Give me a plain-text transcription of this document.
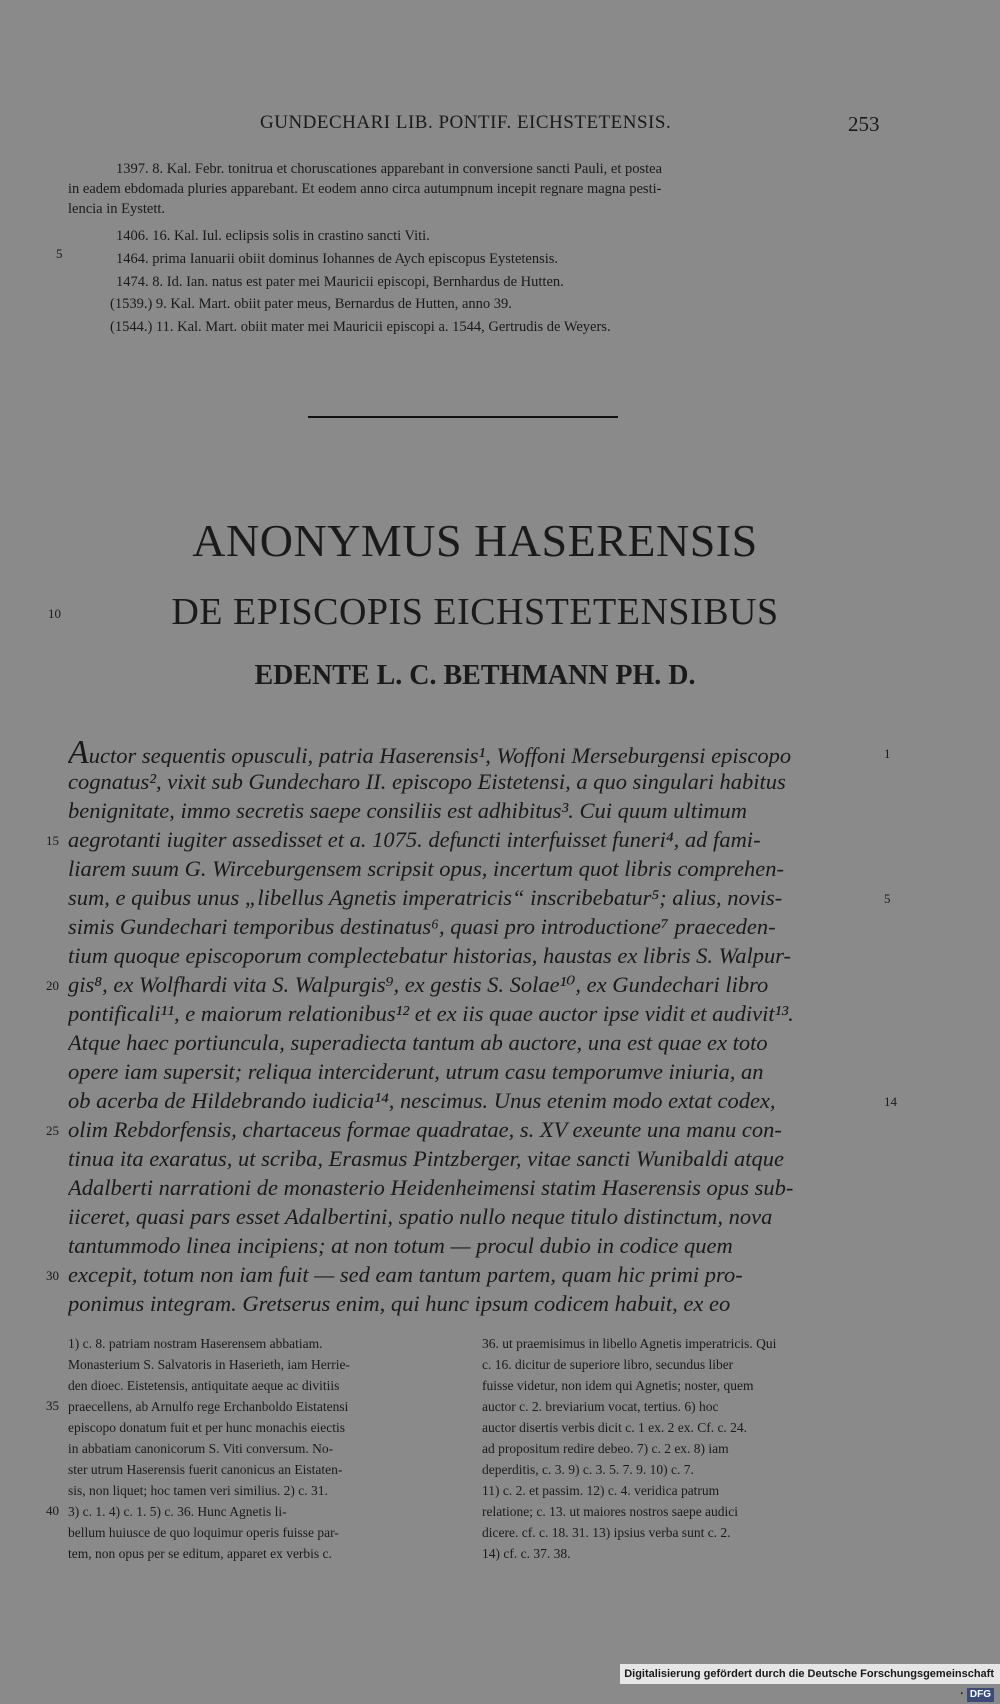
GUNDECHARI LIB. PONTIF. EICHSTETENSIS.	253
1397. 8. Kal. Febr. tonitrua et choruscationes apparebant in conversione sancti Pauli, et postea
in eadem ebdomada pluries apparebant. Et eodem anno circa autumpnum incepit regnare magna pesti-
lencia in Eystett.
1406. 16. Kal. Iul. eclipsis solis in crastino sancti Viti.
1464. prima Ianuarii obiit dominus Iohannes de Aych episcopus Eystetensis.
1474. 8. Id. Ian. natus est pater mei Mauricii episcopi, Bernhardus de Hutten.
(1539.) 9. Kal. Mart. obiit pater meus, Bernardus de Hutten, anno 39.
(1544.) 11. Kal. Mart. obiit mater mei Mauricii episcopi a. 1544, Gertrudis de Weyers.
5
ANONYMUS HASERENSIS
10	DE EPISCOPIS EICHSTETENSIBUS
EDENTE L. C. BETHMANN PH. D.
Auctor sequentis opusculi, patria Haserensis¹, Woffoni Merseburgensi episcopo
cognatus², vixit sub Gundecharo II. episcopo Eistetensi, a quo singulari habitus
benignitate, immo secretis saepe consiliis est adhibitus³. Cui quum ultimum
aegrotanti iugiter assedisset et a. 1075. defuncti interfuisset funeri⁴, ad fami-
liarem suum G. Wirceburgensem scripsit opus, incertum quot libris comprehen-
sum, e quibus unus „libellus Agnetis imperatricis“ inscribebatur⁵; alius, novis-
simis Gundechari temporibus destinatus⁶, quasi pro introductione⁷ praeceden-
tium quoque episcoporum complectebatur historias, haustas ex libris S. Walpur-
gis⁸, ex Wolfhardi vita S. Walpurgis⁹, ex gestis S. Solae¹⁰, ex Gundechari libro
pontificali¹¹, e maiorum relationibus¹² et ex iis quae auctor ipse vidit et audivit¹³.
Atque haec portiuncula, superadiecta tantum ab auctore, una est quae ex toto
opere iam supersit; reliqua interciderunt, utrum casu temporumve iniuria, an
ob acerba de Hildebrando iudicia¹⁴, nescimus. Unus etenim modo extat codex,
olim Rebdorfensis, chartaceus formae quadratae, s. XV exeunte una manu con-
tinua ita exaratus, ut scriba, Erasmus Pintzberger, vitae sancti Wunibaldi atque
Adalberti narrationi de monasterio Heidenheimensi statim Haserensis opus sub-
iiceret, quasi pars esset Adalbertini, spatio nullo neque titulo distinctum, nova
tantummodo linea incipiens; at non totum — procul dubio in codice quem
excepit, totum non iam fuit — sed eam tantum partem, quam hic primi pro-
ponimus integram. Gretserus enim, qui hunc ipsum codicem habuit, ex eo
15
20
25
30
1
5
14
1) c. 8. patriam nostram Haserensem abbatiam.
Monasterium S. Salvatoris in Haserieth, iam Herrie-
den dioec. Eistetensis, antiquitate aeque ac divitiis
praecellens, ab Arnulfo rege Erchanboldo Eistatensi
episcopo donatum fuit et per hunc monachis eiectis
in abbatiam canonicorum S. Viti conversum. No-
ster utrum Haserensis fuerit canonicus an Eistaten-
sis, non liquet; hoc tamen veri similius. 2) c. 31.
3) c. 1. 4) c. 1. 5) c. 36. Hunc Agnetis li-
bellum huiusce de quo loquimur operis fuisse par-
tem, non opus per se editum, apparet ex verbis c.
36. ut praemisimus in libello Agnetis imperatricis. Qui
c. 16. dicitur de superiore libro, secundus liber
fuisse videtur, non idem qui Agnetis; noster, quem
auctor c. 2. breviarium vocat, tertius. 6) hoc
auctor disertis verbis dicit c. 1 ex. 2 ex. Cf. c. 24.
ad propositum redire debeo. 7) c. 2 ex. 8) iam
deperditis, c. 3. 9) c. 3. 5. 7. 9. 10) c. 7.
11) c. 2. et passim. 12) c. 4. veridica patrum
relatione; c. 13. ut maiores nostros saepe audici
dicere. cf. c. 18. 31. 13) ipsius verba sunt c. 2.
14) cf. c. 37. 38.
35
40
Digitalisierung gefördert durch die Deutsche Forschungsgemeinschaft · DFG
